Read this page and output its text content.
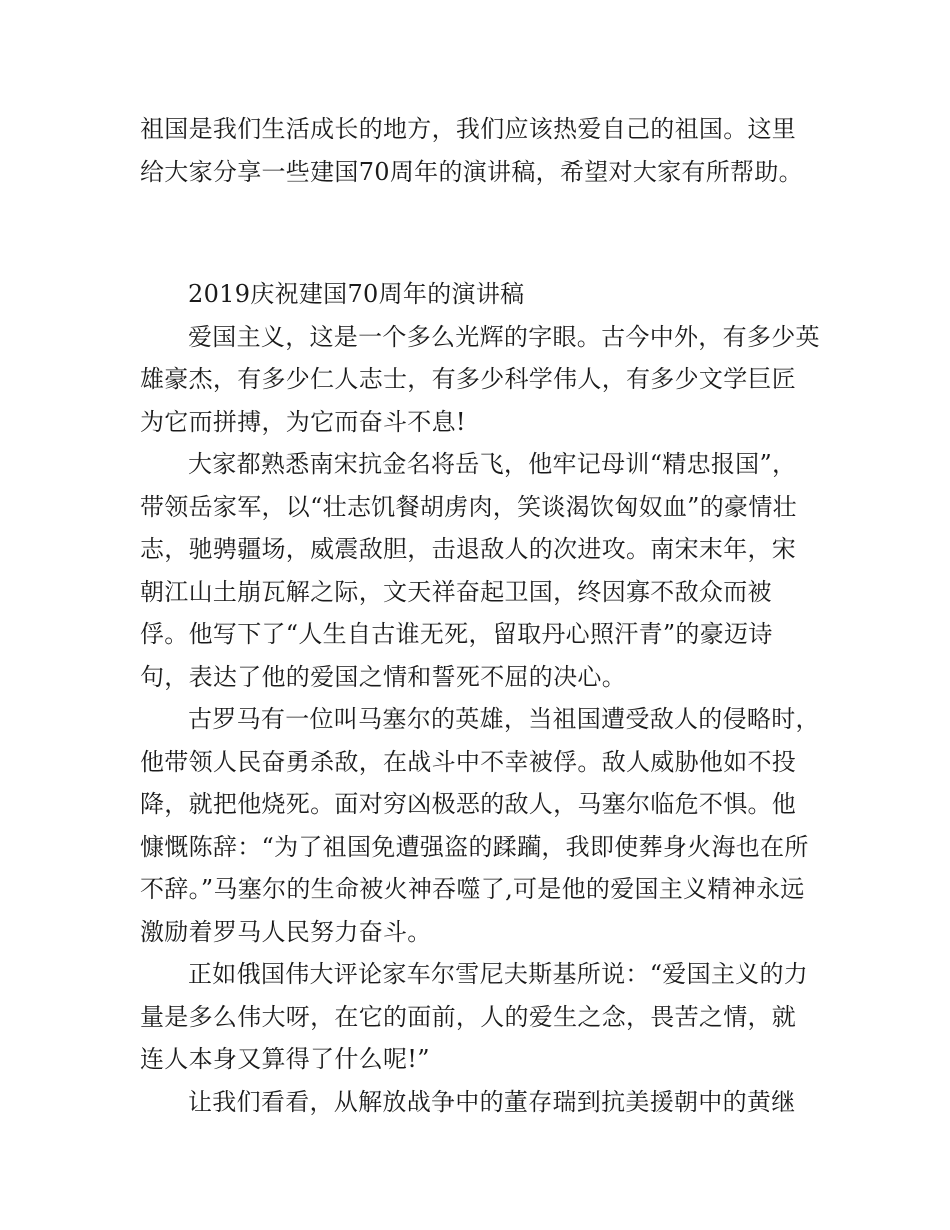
祖国是我们生活成长的地方，我们应该热爱自己的祖国。这里给大家分享一些建国70周年的演讲稿，希望对大家有所帮助。

2019庆祝建国70周年的演讲稿

爱国主义，这是一个多么光辉的字眼。古今中外，有多少英雄豪杰，有多少仁人志士，有多少科学伟人，有多少文学巨匠为它而拼搏，为它而奋斗不息!

大家都熟悉南宋抗金名将岳飞，他牢记母训“精忠报国”，带领岳家军，以“壮志饥餐胡虏肉，笑谈渴饮匈奴血”的豪情壮志，驰骋疆场，威震敌胆，击退敌人的次进攻。南宋末年，宋朝江山土崩瓦解之际，文天祥奋起卫国，终因寡不敌众而被俘。他写下了“人生自古谁无死，留取丹心照汗青”的豪迈诗句，表达了他的爱国之情和誓死不屈的决心。

古罗马有一位叫马塞尔的英雄，当祖国遭受敌人的侵略时，他带领人民奋勇杀敌，在战斗中不幸被俘。敌人威胁他如不投降，就把他烧死。面对穷凶极恶的敌人，马塞尔临危不惧。他慷慨陈辞：“为了祖国免遭强盗的蹂躏，我即使葬身火海也在所不辞。”马塞尔的生命被火神吞噬了,可是他的爱国主义精神永远激励着罗马人民努力奋斗。

正如俄国伟大评论家车尔雪尼夫斯基所说：“爱国主义的力量是多么伟大呀，在它的面前，人的爱生之念，畏苦之情，就连人本身又算得了什么呢!”

让我们看看，从解放战争中的董存瑞到抗美援朝中的黄继
